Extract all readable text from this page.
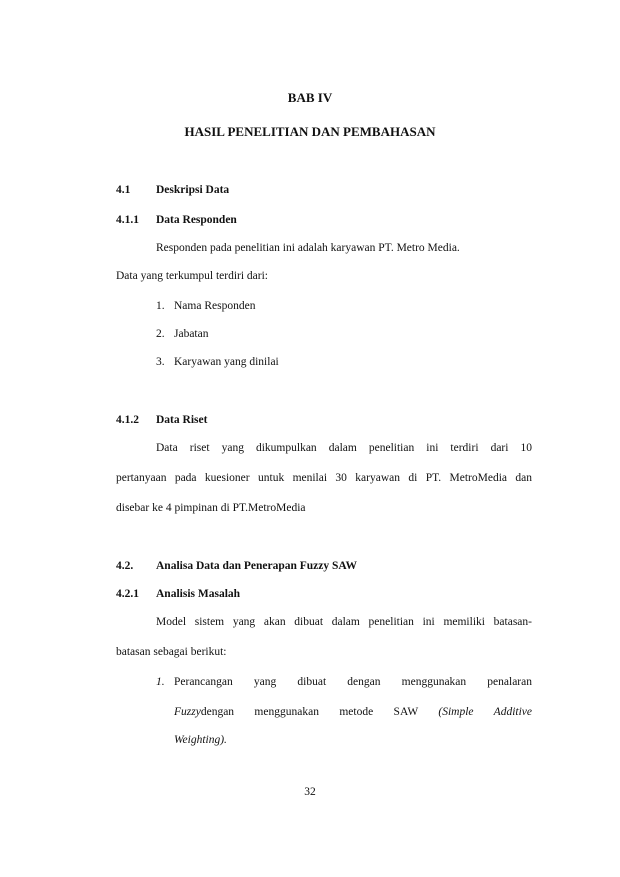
BAB IV
HASIL PENELITIAN DAN PEMBAHASAN
4.1 Deskripsi Data
4.1.1 Data Responden
Responden pada penelitian ini adalah karyawan PT. Metro Media.
Data yang terkumpul terdiri dari:
1. Nama Responden
2. Jabatan
3. Karyawan yang dinilai
4.1.2 Data Riset
Data riset yang dikumpulkan dalam penelitian ini terdiri dari 10
pertanyaan pada kuesioner untuk menilai 30 karyawan di PT. MetroMedia dan
disebar ke 4 pimpinan di PT.MetroMedia
4.2. Analisa Data dan Penerapan Fuzzy SAW
4.2.1 Analisis Masalah
Model sistem yang akan dibuat dalam penelitian ini memiliki batasan-
batasan sebagai berikut:
1. Perancangan yang dibuat dengan menggunakan penalaran
Fuzzydengan menggunakan metode SAW (Simple Additive
Weighting).
32
